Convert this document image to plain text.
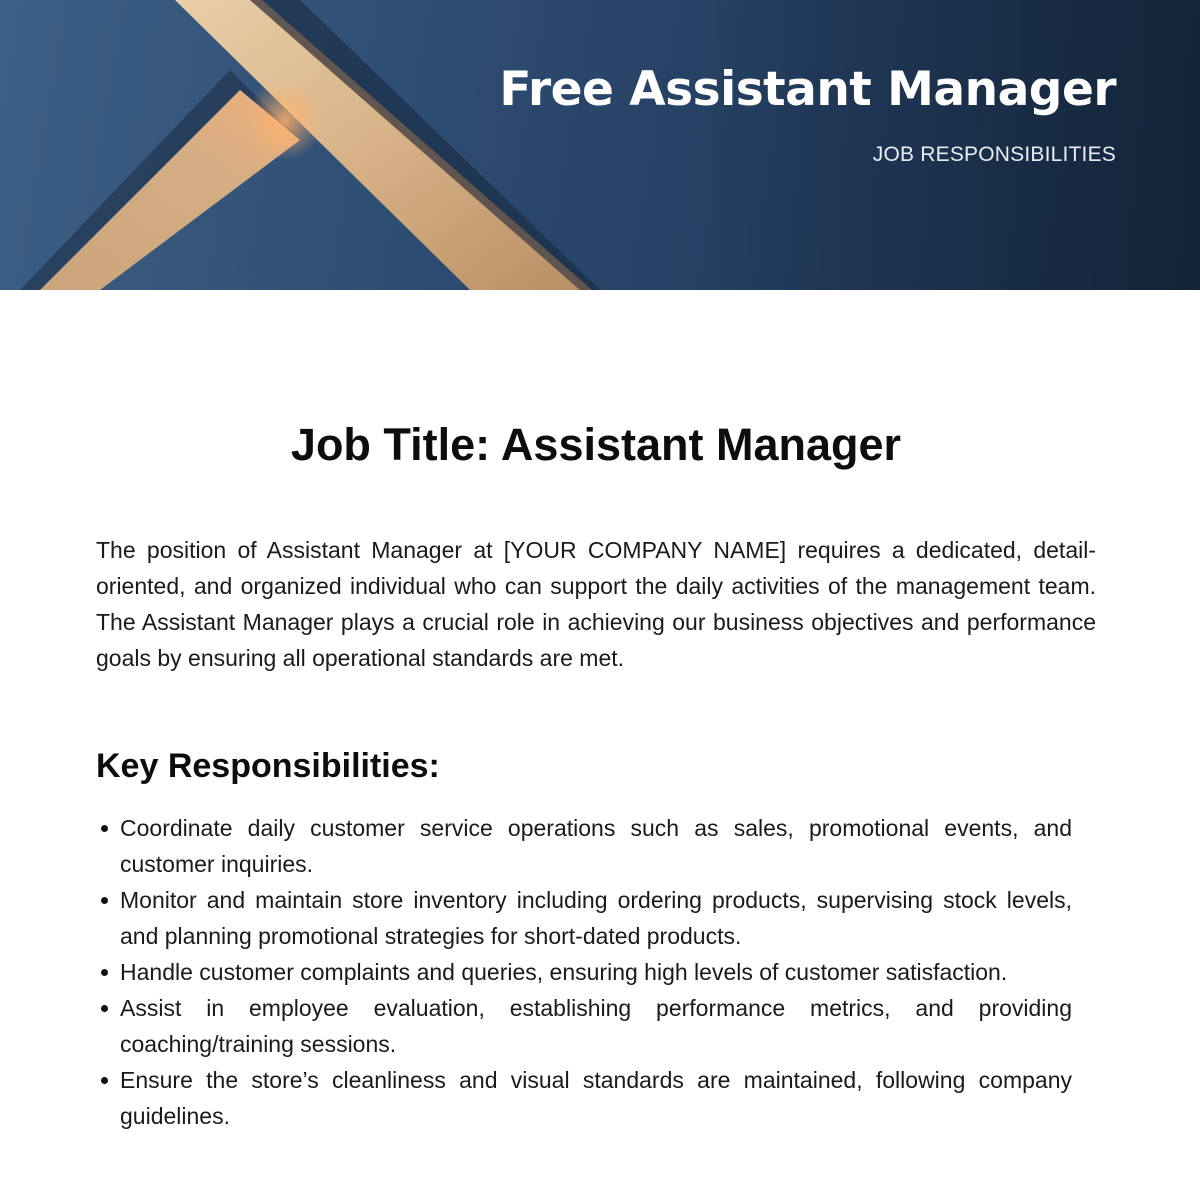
Free Assistant Manager
JOB RESPONSIBILITIES
Job Title: Assistant Manager

The position of Assistant Manager at [YOUR COMPANY NAME] requires a dedicated, detail-oriented, and organized individual who can support the daily activities of the management team. The Assistant Manager plays a crucial role in achieving our business objectives and performance goals by ensuring all operational standards are met.

Key Responsibilities:
Coordinate daily customer service operations such as sales, promotional events, and customer inquiries.
Monitor and maintain store inventory including ordering products, supervising stock levels, and planning promotional strategies for short-dated products.
Handle customer complaints and queries, ensuring high levels of customer satisfaction.
Assist in employee evaluation, establishing performance metrics, and providing coaching/training sessions.
Ensure the store’s cleanliness and visual standards are maintained, following company guidelines.
